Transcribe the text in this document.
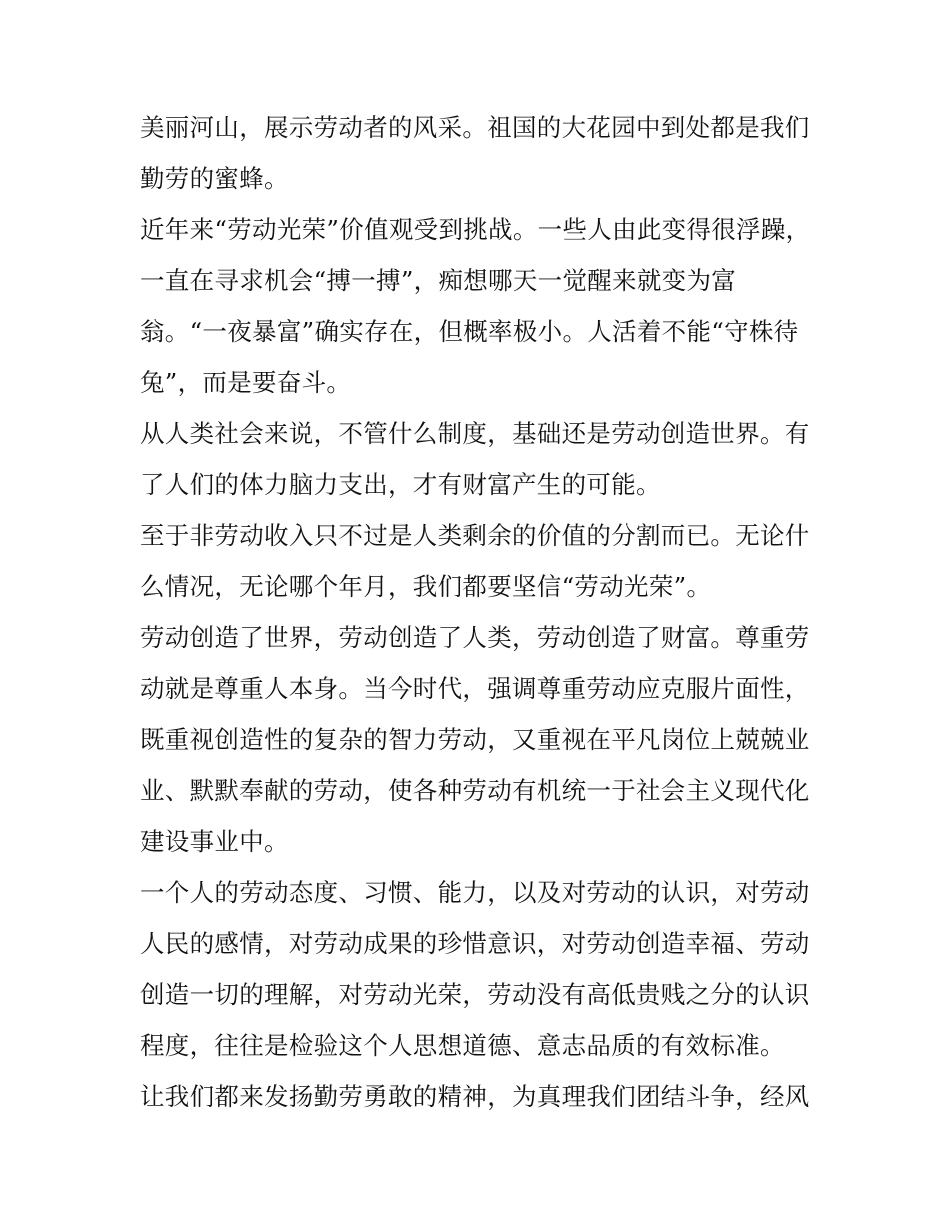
美丽河山，展示劳动者的风采。祖国的大花园中到处都是我们
勤劳的蜜蜂。
近年来“劳动光荣”价值观受到挑战。一些人由此变得很浮躁，
一直在寻求机会“搏一搏”，痴想哪天一觉醒来就变为富
翁。“一夜暴富”确实存在，但概率极小。人活着不能“守株待
兔”，而是要奋斗。
从人类社会来说，不管什么制度，基础还是劳动创造世界。有
了人们的体力脑力支出，才有财富产生的可能。
至于非劳动收入只不过是人类剩余的价值的分割而已。无论什
么情况，无论哪个年月，我们都要坚信“劳动光荣”。
劳动创造了世界，劳动创造了人类，劳动创造了财富。尊重劳
动就是尊重人本身。当今时代，强调尊重劳动应克服片面性，
既重视创造性的复杂的智力劳动，又重视在平凡岗位上兢兢业
业、默默奉献的劳动，使各种劳动有机统一于社会主义现代化
建设事业中。
一个人的劳动态度、习惯、能力，以及对劳动的认识，对劳动
人民的感情，对劳动成果的珍惜意识，对劳动创造幸福、劳动
创造一切的理解，对劳动光荣，劳动没有高低贵贱之分的认识
程度，往往是检验这个人思想道德、意志品质的有效标准。
让我们都来发扬勤劳勇敢的精神，为真理我们团结斗争，经风
